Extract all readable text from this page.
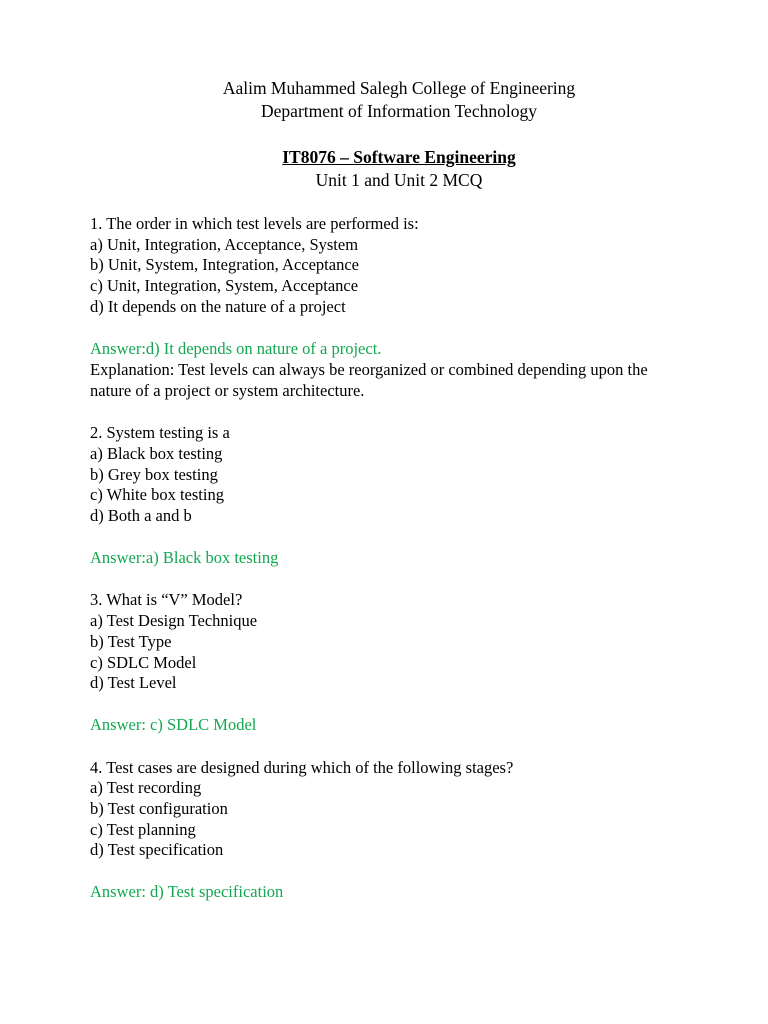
Aalim Muhammed Salegh College of Engineering
Department of Information Technology
IT8076 – Software Engineering
Unit 1 and Unit 2 MCQ

1. The order in which test levels are performed is:

a) Unit, Integration, Acceptance, System
b) Unit, System, Integration, Acceptance
c) Unit, Integration, System, Acceptance
d) It depends on the nature of a project

Answer:d) It depends on nature of a project.

Explanation: Test levels can always be reorganized or combined depending upon the nature of a project or system architecture.

2. System testing is a

a) Black box testing
b) Grey box testing
c) White box testing
d) Both a and b

Answer:a) Black box testing

3. What is “V” Model?

a) Test Design Technique
b) Test Type
c) SDLC Model
d) Test Level

Answer: c) SDLC Model

4. Test cases are designed during which of the following stages?

a) Test recording
b) Test configuration
c) Test planning
d) Test specification

Answer: d) Test specification
